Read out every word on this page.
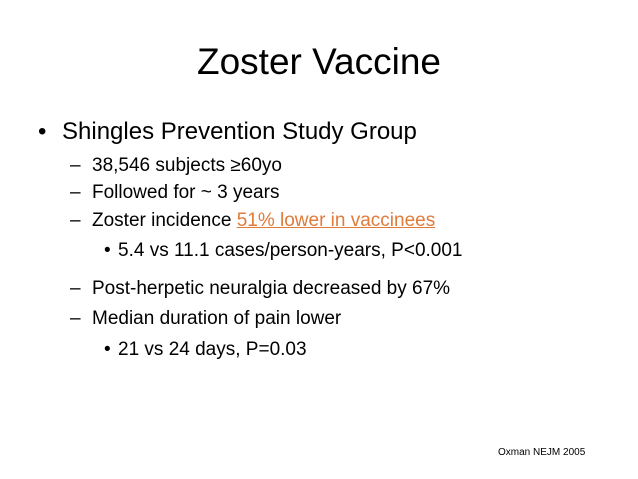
Zoster Vaccine
• Shingles Prevention Study Group
– 38,546 subjects ≥60yo
– Followed for ~ 3 years
– Zoster incidence 51% lower in vaccinees
• 5.4 vs 11.1 cases/person-years, P<0.001
– Post-herpetic neuralgia decreased by 67%
– Median duration of pain lower
• 21 vs 24 days, P=0.03
Oxman NEJM 2005
